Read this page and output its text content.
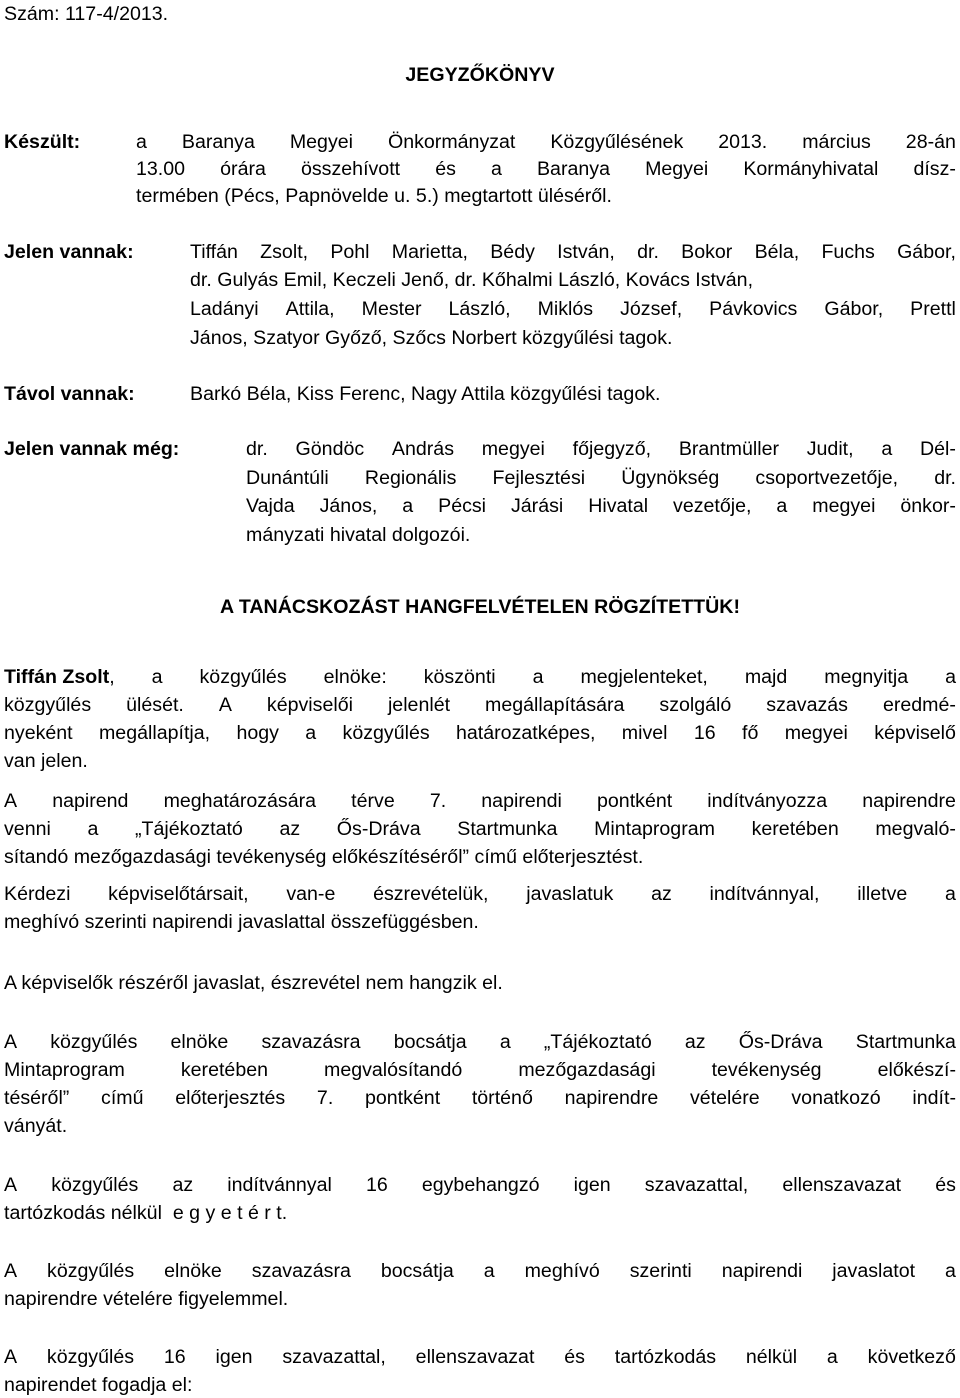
Szám: 117-4/2013.
JEGYZŐKÖNYV
Készült:	a Baranya Megyei Önkormányzat Közgyűlésének 2013. március 28-án
13.00 órára összehívott és a Baranya Megyei Kormányhivatal dísz-
termében (Pécs, Papnövelde u. 5.) megtartott üléséről.
Jelen vannak:	Tiffán Zsolt, Pohl Marietta, Bédy István, dr. Bokor Béla, Fuchs Gábor,
dr. Gulyás Emil, Keczeli Jenő, dr. Kőhalmi László, Kovács István,
Ladányi Attila, Mester László, Miklós József, Pávkovics Gábor, Prettl
János, Szatyor Győző, Szőcs Norbert közgyűlési tagok.
Távol vannak:	Barkó Béla, Kiss Ferenc, Nagy Attila közgyűlési tagok.
Jelen vannak még:	dr. Göndöc András megyei főjegyző, Brantmüller Judit, a Dél-
Dunántúli Regionális Fejlesztési Ügynökség csoportvezetője, dr.
Vajda János, a Pécsi Járási Hivatal vezetője, a megyei önkor-
mányzati hivatal dolgozói.
A TANÁCSKOZÁST HANGFELVÉTELEN RÖGZÍTETTÜK!
Tiffán Zsolt, a közgyűlés elnöke: köszönti a megjelenteket, majd megnyitja a
közgyűlés ülését. A képviselői jelenlét megállapítására szolgáló szavazás eredmé-
nyeként megállapítja, hogy a közgyűlés határozatképes, mivel 16 fő megyei képviselő
van jelen.
A napirend meghatározására térve 7. napirendi pontként indítványozza napirendre
venni a „Tájékoztató az Ős-Dráva Startmunka Mintaprogram keretében megvaló-
sítandó mezőgazdasági tevékenység előkészítéséről” című előterjesztést.
Kérdezi képviselőtársait, van-e észrevételük, javaslatuk az indítvánnyal, illetve a
meghívó szerinti napirendi javaslattal összefüggésben.
A képviselők részéről javaslat, észrevétel nem hangzik el.
A közgyűlés elnöke szavazásra bocsátja a „Tájékoztató az Ős-Dráva Startmunka
Mintaprogram	keretében	megvalósítandó	mezőgazdasági	tevékenység	előkészí-
téséről” című előterjesztés 7. pontként történő napirendre vételére vonatkozó indít-
ványát.
A közgyűlés az indítvánnyal 16 egybehangzó igen szavazattal, ellenszavazat és
tartózkodás nélkül  e g y e t é r t.
A közgyűlés elnöke szavazásra bocsátja a meghívó szerinti napirendi javaslatot a
napirendre vételére figyelemmel.
A közgyűlés 16 igen szavazattal, ellenszavazat és tartózkodás nélkül a következő
napirendet fogadja el:
